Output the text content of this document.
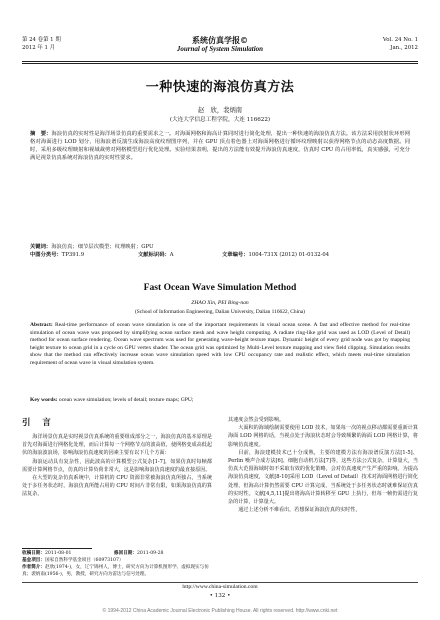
第 24 卷第 1 期
2012 年 1 月
系统仿真学报©
Journal of System Simulation
Vol. 24 No. 1
Jan., 2012
一种快速的海浪仿真方法
赵　欣，裴炳南
(大连大学信息工程学院，大连 116622)
摘　要：海浪仿真的实时性是海洋场景仿真的重要需求之一。对海面网格和海高计算同时进行简化处理，提出一种快速的海浪仿真方法。该方法采用放射状环形网格对海面进行 LOD 划分，用海浪谱反演生成海浪高度纹理图序列，并在 GPU 顶点着色器上对海面网格进行循环纹理映射以获得网格节点的动态高度数据。同时，采用多级纹理映射和视域裁剪对网格模型进行优化处理。实验结果表明，提出的方法能有效提升海浪仿真速度，仿真时 CPU 的占用率低，真实感强，可充分满足视景仿真系统对海浪仿真的实时性要求。
关键词：海浪仿真；细节层次模型；纹理映射；GPU
中图分类号：TP391.9	文献标识码：A	文章编号：1004-731X (2012) 01-0132-04
Fast Ocean Wave Simulation Method
ZHAO Xin, PEI Bing-nan
(School of Information Engineering, Dalian University, Dalian 116622, China)
Abstract: Real-time performance of ocean wave simulation is one of the important requirements in visual ocean scene. A fast and effective method for real-time simulation of ocean wave was proposed by simplifying ocean surface mesh and wave height computing. A radiate ring-like grid was used as LOD (Level of Detail) method for ocean surface rendering. Ocean wave spectrum was used for generating wave-height texture maps. Dynamic height of every grid node was got by mapping height texture to ocean grid in a cycle on GPU vertex shader. The ocean grid was optimized by Multi-Level texture mapping and view field clipping. Simulation results show that the method can effectively increase ocean wave simulation speed with low CPU occupancy rate and realistic effect, which meets real-time simulation requirement of ocean wave in visual simulation system.
Key words: ocean wave simulation; levels of detail; texture maps; GPU;
引 言

海洋场景仿真是实时视景仿真系统的重要组成部分之一，海浪仿真的基本原理是首先对海面进行网格化处理，而后计算每一个网格节点的波高值，使网格变成高低起伏的海浪波浪场，影响海浪仿真速度的因素主要有以下几个方面：

海浪运动具有复杂性，因此波高的计算模型公式复杂[1-7]，如果仿真时每帧都需要计算网格节点，仿真的计算负荷非常大，这是影响海浪仿真速度的最直接原因。

在大型的复杂仿真系统中，计算机的 CPU 资源非常被海浪仿真所独占，当系统处于多任务状态时，海浪仿真所能占用的 CPU 时间片非常有限，如果海浪仿真的算法复杂，

其速度会然会受到影响。

大面积的海域绘制需要使用 LOD 技术，如果每一次的视点移动都需要重新计算海面 LOD 网格的话，当视点处于海浪状态时会导致频繁的海面 LOD 网格计算，将影响仿真速度。

目前，海浪建模技术已十分成熟，主要的建模方法有海浪谱反演方法[1-5]、Perlin 噪声合成方法[6]、细胞自动机方法[7]等，这些方法公式复杂，计算量大，当仿真大范围海域时如不采取有效的优化策略，会对仿真速度产生严重的影响。为提高海浪仿真速度，文献[8-10]采用 LOD（Level of Detail）技术对海面网格进行简化处理，但海高计算仍然需要 CPU 计算完成，当系统处于多任务状态时就难保证仿真的实时性。文献[4,5,11]提出将海高计算转移至 GPU 上执行，但每一帧仍需进行复杂的计算，计算量大。

通过上述分析不难看出，若想保证海浪仿真的实时性，

收稿日期：2011-08-01	修回日期：2011-09-28
基金项目：国家自然科学基金项目（60973107）
作者简介：赵欣(1974-)，女，辽宁锦州人，博士，研究方向为计算机图形学、虚拟现实与仿真；裴炳南(1956-)，男，教授，研究方向为雷达与信号处理。
http://www.china-simulation.com
• 132 •
© 1994-2012 China Academic Journal Electronic Publishing House. All rights reserved. http://www.cnki.net
